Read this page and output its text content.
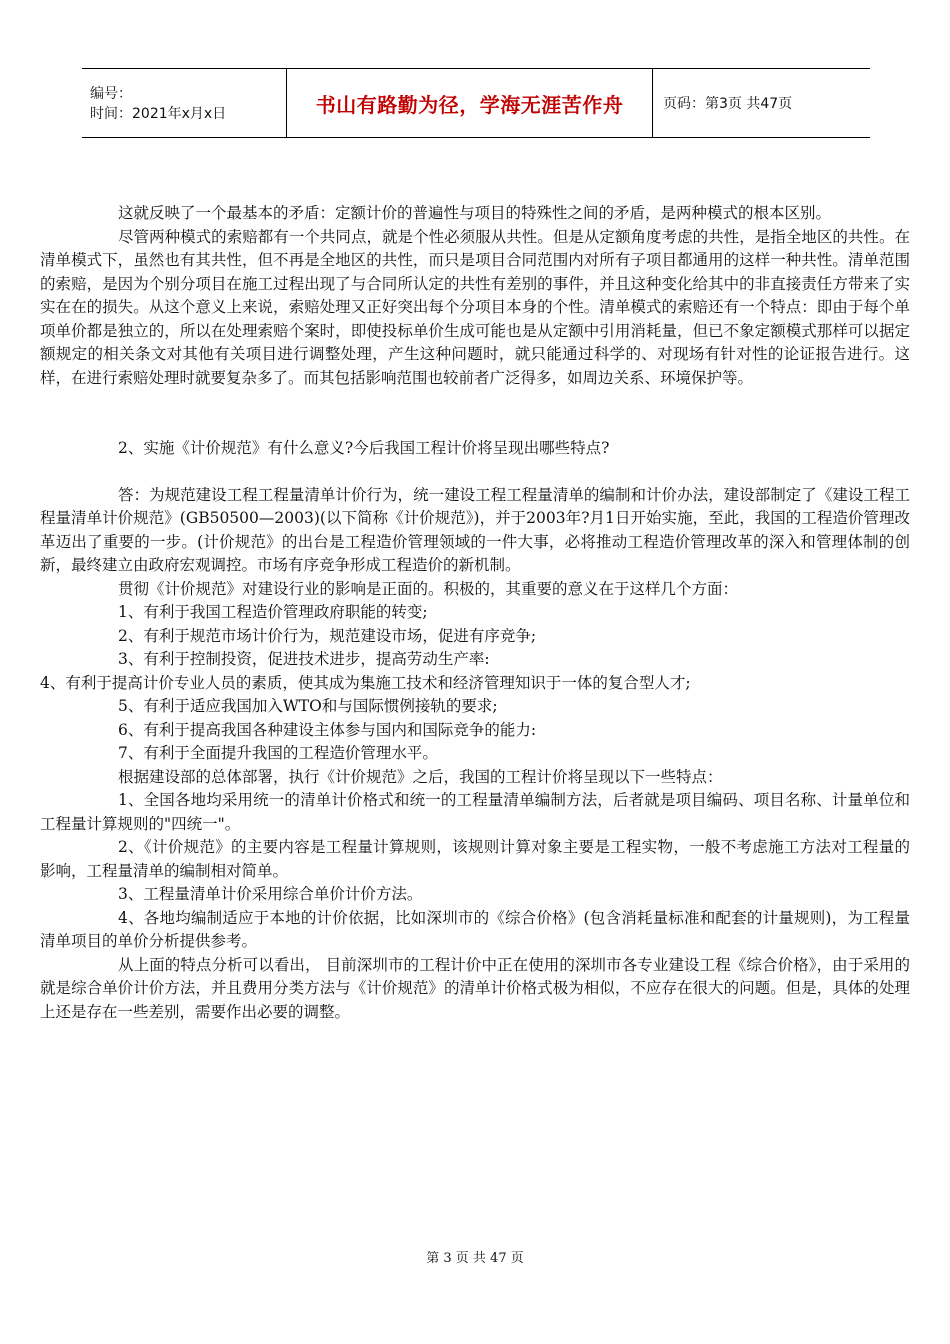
编号：
时间：2021年x月x日	书山有路勤为径，学海无涯苦作舟	页码：第3页 共47页

这就反映了一个最基本的矛盾：定额计价的普遍性与项目的特殊性之间的矛盾，是两种模式的根本区别。

尽管两种模式的索赔都有一个共同点，就是个性必须服从共性。但是从定额角度考虑的共性，是指全地区的共性。在清单模式下，虽然也有其共性，但不再是全地区的共性，而只是项目合同范围内对所有子项目都通用的这样一种共性。清单范围的索赔，是因为个别分项目在施工过程出现了与合同所认定的共性有差别的事件，并且这种变化给其中的非直接责任方带来了实实在在的损失。从这个意义上来说，索赔处理又正好突出每个分项目本身的个性。清单模式的索赔还有一个特点：即由于每个单项单价都是独立的，所以在处理索赔个案时，即使投标单价生成可能也是从定额中引用消耗量，但已不象定额模式那样可以据定额规定的相关条文对其他有关项目进行调整处理，产生这种问题时，就只能通过科学的、对现场有针对性的论证报告进行。这样，在进行索赔处理时就要复杂多了。而其包括影响范围也较前者广泛得多，如周边关系、环境保护等。

2、实施《计价规范》有什么意义?今后我国工程计价将呈现出哪些特点?

答：为规范建设工程工程量清单计价行为，统一建设工程工程量清单的编制和计价办法，建设部制定了《建设工程工程量清单计价规范》(GB50500—2003)(以下简称《计价规范》)，并于2003年?月1日开始实施，至此，我国的工程造价管理改革迈出了重要的一步。(计价规范》的出台是工程造价管理领域的一件大事，必将推动工程造价管理改革的深入和管理体制的创新，最终建立由政府宏观调控。市场有序竞争形成工程造价的新机制。

贯彻《计价规范》对建设行业的影响是正面的。积极的，其重要的意义在于这样几个方面：

1、有利于我国工程造价管理政府职能的转变;

2、有利于规范市场计价行为，规范建设市场，促进有序竞争;

3、有利于控制投资，促进技术进步，提高劳动生产率:

4、有利于提高计价专业人员的素质，使其成为集施工技术和经济管理知识于一体的复合型人才;

5、有利于适应我国加入WTO和与国际惯例接轨的要求;

6、有利于提高我国各种建设主体参与国内和国际竞争的能力:

7、有利于全面提升我国的工程造价管理水平。

根据建设部的总体部署，执行《计价规范》之后，我国的工程计价将呈现以下一些特点：

1、全国各地均采用统一的清单计价格式和统一的工程量清单编制方法，后者就是项目编码、项目名称、计量单位和工程量计算规则的"四统一"。

2、《计价规范》的主要内容是工程量计算规则，该规则计算对象主要是工程实物，一般不考虑施工方法对工程量的影响，工程量清单的编制相对简单。

3、工程量清单计价采用综合单价计价方法。

4、各地均编制适应于本地的计价依据，比如深圳市的《综合价格》(包含消耗量标准和配套的计量规则)，为工程量清单项目的单价分析提供参考。

从上面的特点分析可以看出， 目前深圳市的工程计价中正在使用的深圳市各专业建设工程《综合价格》，由于采用的就是综合单价计价方法，并且费用分类方法与《计价规范》的清单计价格式极为相似，不应存在很大的问题。但是，具体的处理上还是存在一些差别，需要作出必要的调整。

第 3 页 共 47 页
